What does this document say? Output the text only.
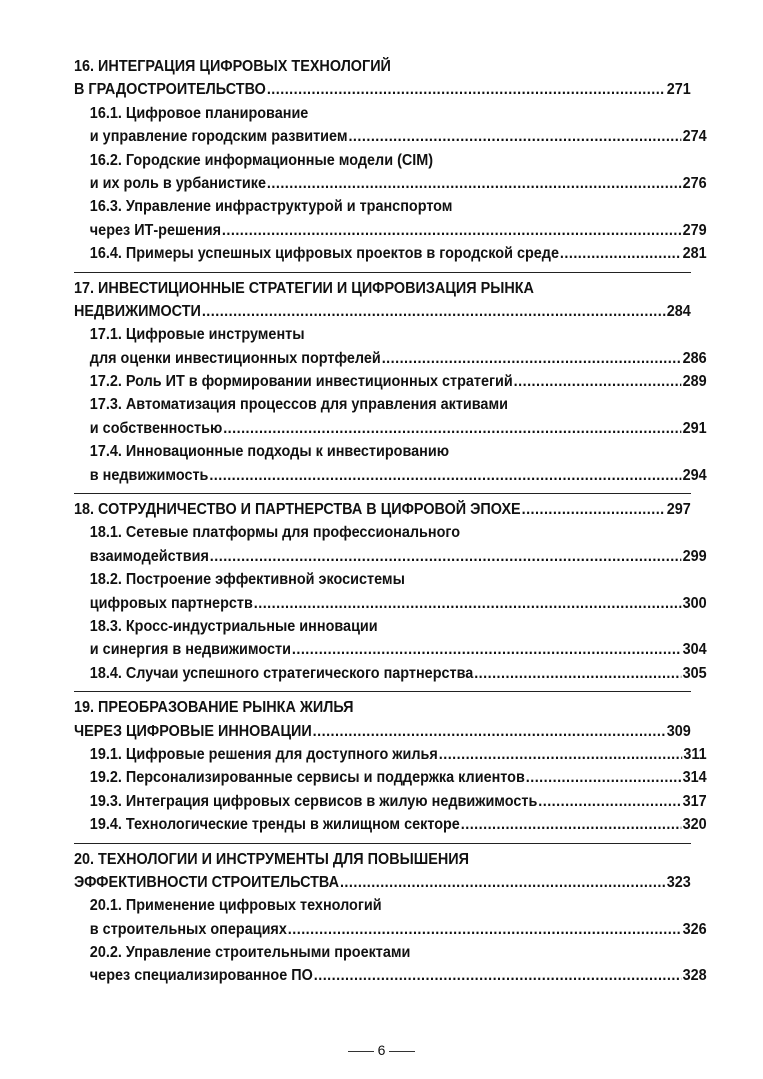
16. ИНТЕГРАЦИЯ ЦИФРОВЫХ ТЕХНОЛОГИЙ
В ГРАДОСТРОИТЕЛЬСТВО .....	271
16.1. Цифровое планирование
и управление городским развитием .....	274
16.2. Городские информационные модели (CIM)
и их роль в урбанистике .....	276
16.3. Управление инфраструктурой и транспортом
через ИТ-решения .....	279
16.4. Примеры успешных цифровых проектов в городской среде .....	281
17. ИНВЕСТИЦИОННЫЕ СТРАТЕГИИ И ЦИФРОВИЗАЦИЯ РЫНКА
НЕДВИЖИМОСТИ .....	284
17.1. Цифровые инструменты
для оценки инвестиционных портфелей .....	286
17.2. Роль ИТ в формировании инвестиционных стратегий .....	289
17.3. Автоматизация процессов для управления активами
и собственностью .....	291
17.4. Инновационные подходы к инвестированию
в недвижимость .....	294
18. СОТРУДНИЧЕСТВО И ПАРТНЕРСТВА В ЦИФРОВОЙ ЭПОХЕ .....	297
18.1. Сетевые платформы для профессионального
взаимодействия .....	299
18.2. Построение эффективной экосистемы
цифровых партнерств .....	300
18.3. Кросс-индустриальные инновации
и синергия в недвижимости .....	304
18.4. Случаи успешного стратегического партнерства .....	305
19. ПРЕОБРАЗОВАНИЕ РЫНКА ЖИЛЬЯ
ЧЕРЕЗ ЦИФРОВЫЕ ИННОВАЦИИ .....	309
19.1. Цифровые решения для доступного жилья .....	311
19.2. Персонализированные сервисы и поддержка клиентов .....	314
19.3. Интеграция цифровых сервисов в жилую недвижимость .....	317
19.4. Технологические тренды в жилищном секторе .....	320
20. ТЕХНОЛОГИИ И ИНСТРУМЕНТЫ ДЛЯ ПОВЫШЕНИЯ
ЭФФЕКТИВНОСТИ СТРОИТЕЛЬСТВА .....	323
20.1. Применение цифровых технологий
в строительных операциях .....	326
20.2. Управление строительными проектами
через специализированное ПО .....	328
6
